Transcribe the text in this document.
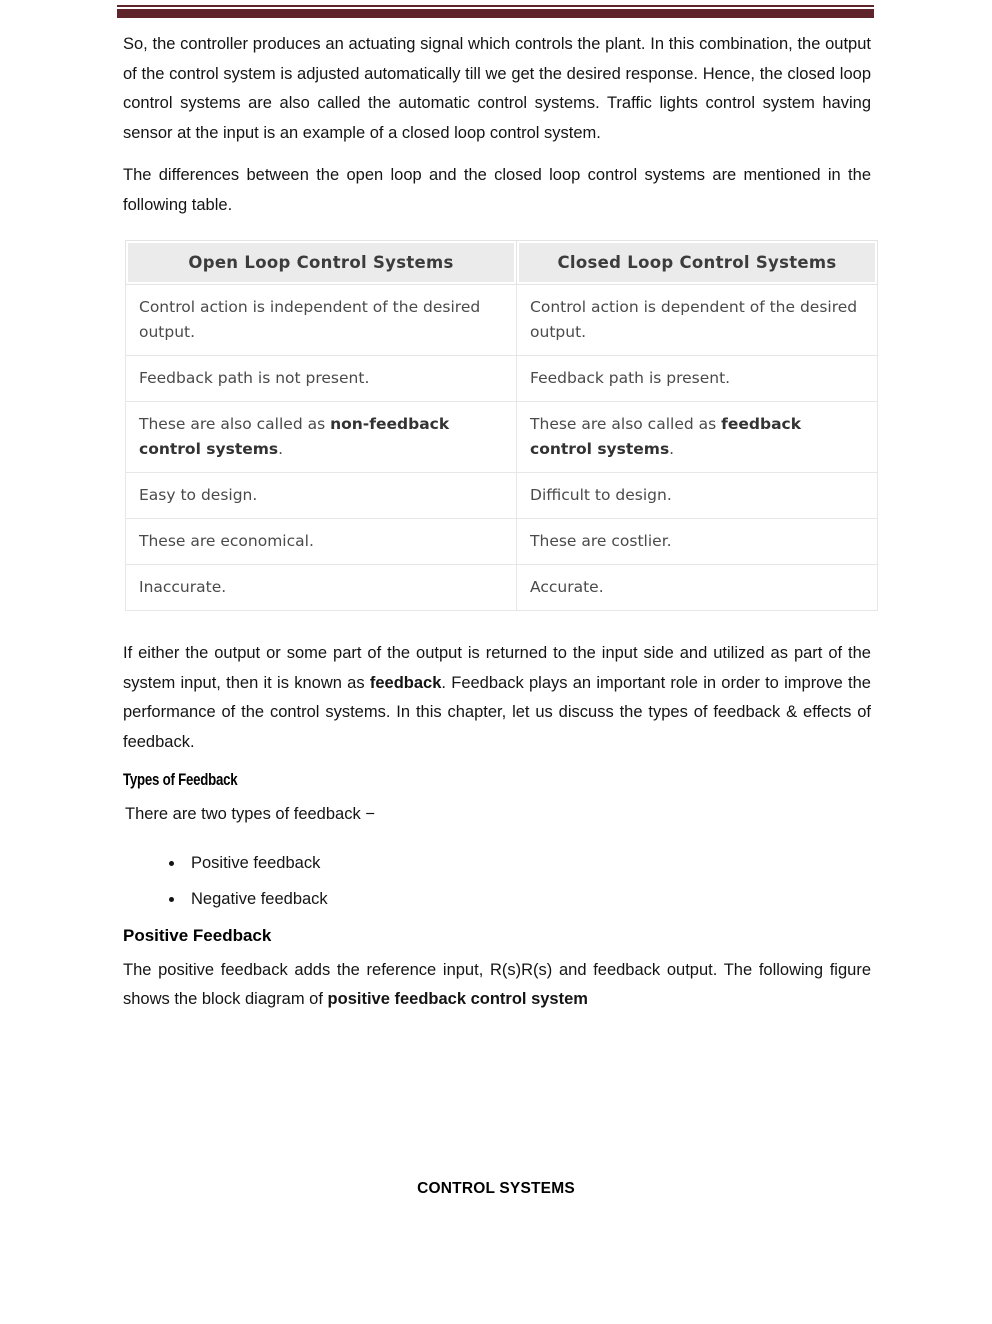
So, the controller produces an actuating signal which controls the plant. In this combination, the output of the control system is adjusted automatically till we get the desired response. Hence, the closed loop control systems are also called the automatic control systems. Traffic lights control system having sensor at the input is an example of a closed loop control system.

The differences between the open loop and the closed loop control systems are mentioned in the following table.

Open Loop Control Systems	Closed Loop Control Systems
Control action is independent of the desired output.	Control action is dependent of the desired output.
Feedback path is not present.	Feedback path is present.
These are also called as non-feedback control systems.	These are also called as feedback control systems.
Easy to design.	Difficult to design.
These are economical.	These are costlier.
Inaccurate.	Accurate.

If either the output or some part of the output is returned to the input side and utilized as part of the system input, then it is known as feedback. Feedback plays an important role in order to improve the performance of the control systems. In this chapter, let us discuss the types of feedback & effects of feedback.

Types of Feedback

There are two types of feedback −

• Positive feedback
• Negative feedback
Positive Feedback

The positive feedback adds the reference input, R(s)R(s) and feedback output. The following figure shows the block diagram of positive feedback control system

CONTROL SYSTEMS
